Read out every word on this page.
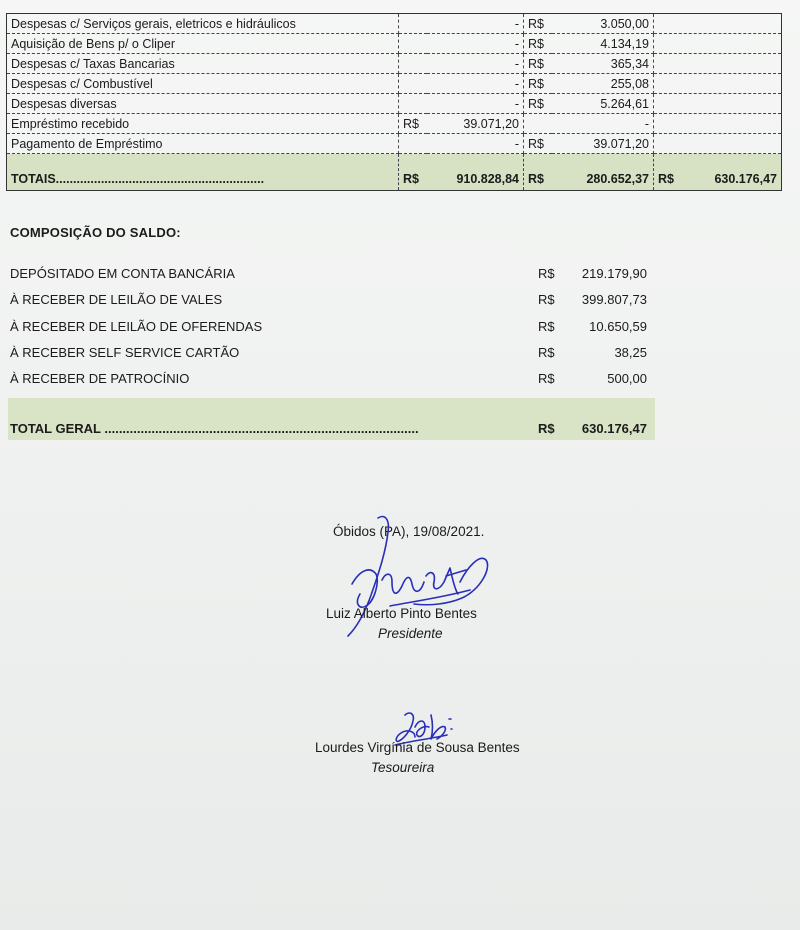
Despesas c/ Serviços gerais, eletricos e hidráulicos		-	R$	3.050,00	
Aquisição de Bens p/ o Cliper		-	R$	4.134,19	
Despesas c/ Taxas Bancarias		-	R$	365,34	
Despesas c/ Combustível		-	R$	255,08	
Despesas diversas		-	R$	5.264,61	
Empréstimo recebido	R$	39.071,20		-	
Pagamento de Empréstimo		-	R$	39.071,20	
TOTAIS............................................................	R$	910.828,84	R$	280.652,37	R$ 630.176,47
COMPOSIÇÃO DO SALDO:
DEPÓSITADO EM CONTA BANCÁRIA	R$ 219.179,90
À RECEBER DE LEILÃO DE VALES	R$ 399.807,73
À RECEBER DE LEILÃO DE OFERENDAS	R$	10.650,59
À RECEBER SELF SERVICE CARTÃO	R$	38,25
À RECEBER DE PATROCÍNIO	R$	500,00
TOTAL GERAL .......................................................................................	R$ 630.176,47
Óbidos (PA), 19/08/2021.
Luiz Alberto Pinto Bentes
Presidente
Lourdes Virgínia de Sousa Bentes
Tesoureira
